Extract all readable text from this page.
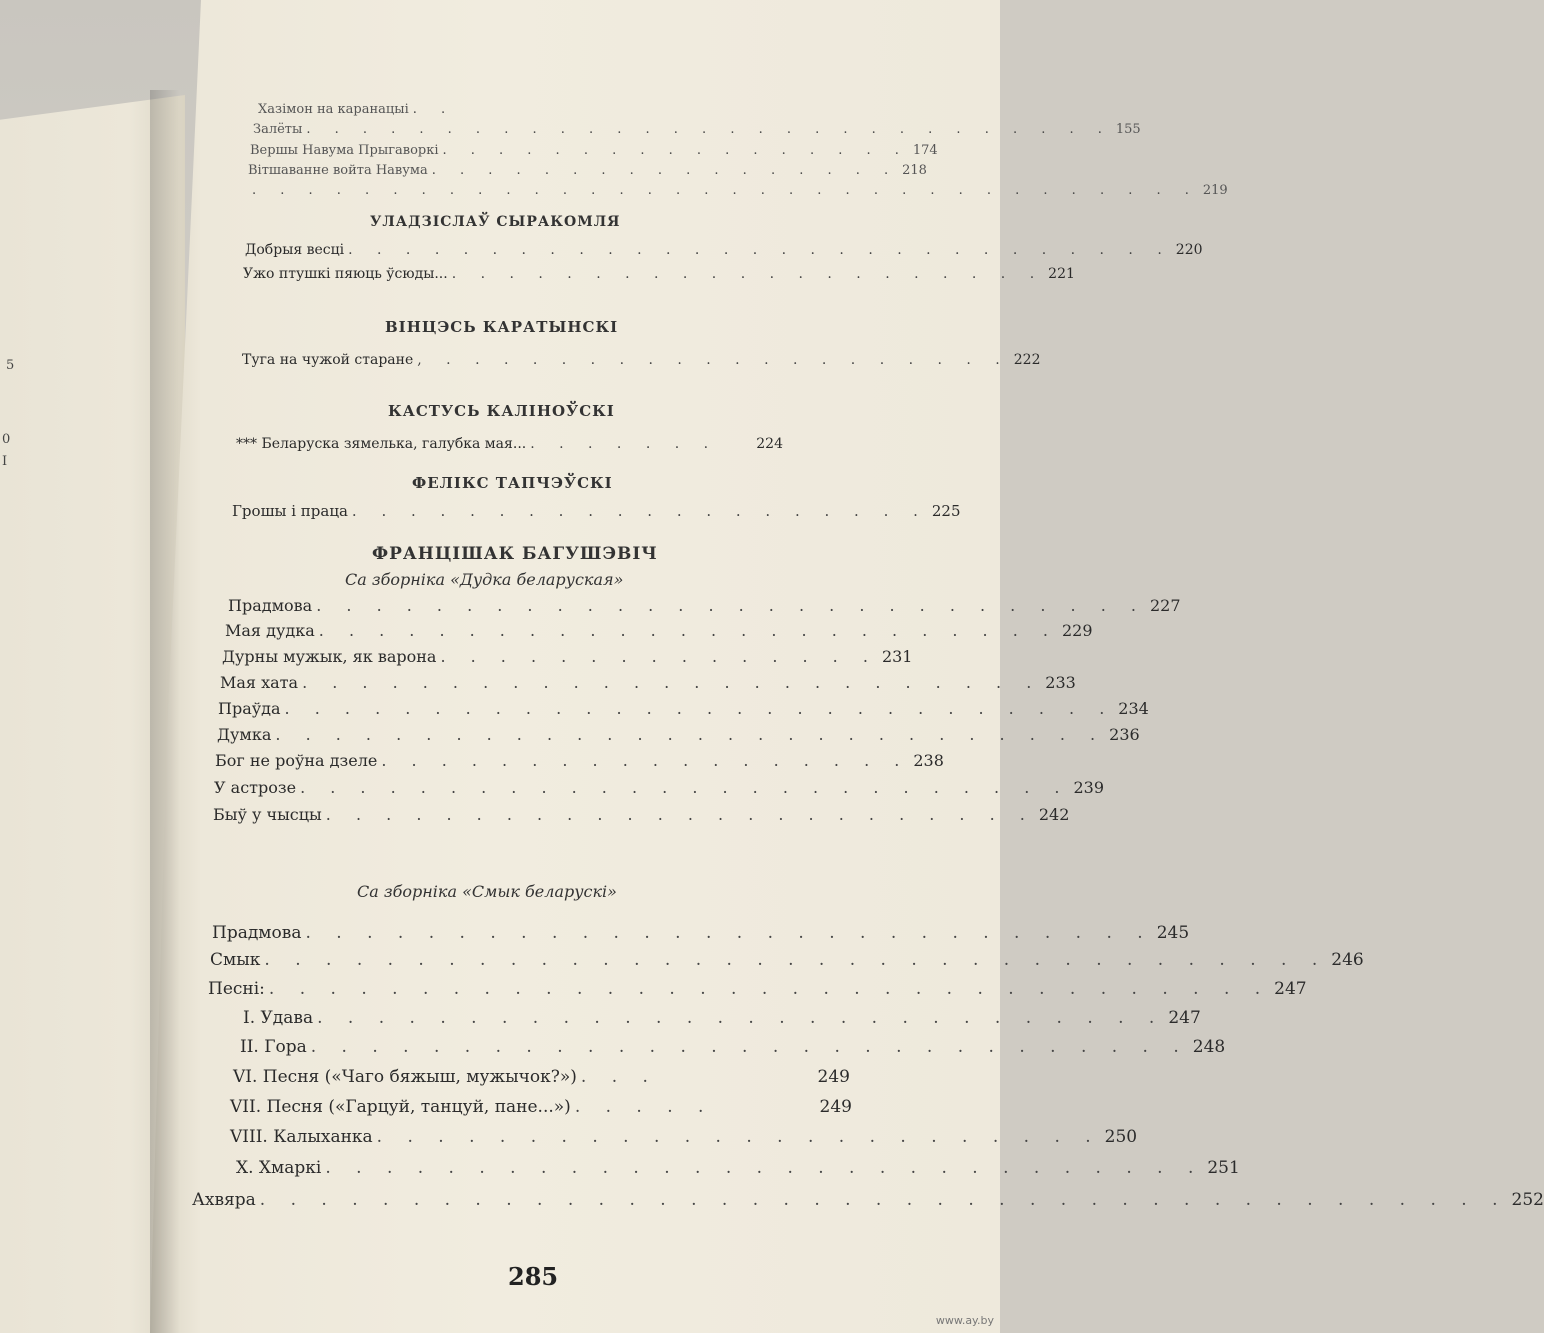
5
0
I
Хазімон на каранацыі . .
Залёты . . . . . . . . . . . . . . . . . . . . . . . . . . . . . 155
Вершы Навума Прыгаворкі . . . . . . . . . . . . . . . . . 174
Вітшаванне войта Навума . . . . . . . . . . . . . . . . . 218
. . . . . . . . . . . . . . . . . . . . . . . . . . . . . . . . . . 219
УЛАДЗІСЛАЎ СЫРАКОМЛЯ
Добрыя весці . . . . . . . . . . . . . . . . . . . . . . . . . . . . . 220
Ужо птушкі пяюць ўсюды... . . . . . . . . . . . . . . . . . . . . . 221
ВІНЦЭСЬ КАРАТЫНСКІ
Туга на чужой старане , . . . . . . . . . . . . . . . . . . . . 222
КАСТУСЬ КАЛІНОЎСКІ
*** Беларуска зямелька, галубка мая... . . . . . . .	224
ФЕЛІКС ТАПЧЭЎСКІ
Грошы і праца . . . . . . . . . . . . . . . . . . . . 225
ФРАНЦІШАК БАГУШЭВІЧ
Са зборніка «Дудка беларуская»
Прадмова . . . . . . . . . . . . . . . . . . . . . . . . . . . . 227
Мая дудка . . . . . . . . . . . . . . . . . . . . . . . . . 229
Дурны мужык, як варона . . . . . . . . . . . . . . . 231
Мая хата . . . . . . . . . . . . . . . . . . . . . . . . . 233
Праўда . . . . . . . . . . . . . . . . . . . . . . . . . . . . 234
Думка . . . . . . . . . . . . . . . . . . . . . . . . . . . . 236
Бог не роўна дзеле . . . . . . . . . . . . . . . . . . 238
У астрозе . . . . . . . . . . . . . . . . . . . . . . . . . . 239
Быў у чысцы . . . . . . . . . . . . . . . . . . . . . . . . 242
Са зборніка «Смык беларускі»
Прадмова . . . . . . . . . . . . . . . . . . . . . . . . . . . . 245
Смык . . . . . . . . . . . . . . . . . . . . . . . . . . . . . . . . . . . 246
Песні: . . . . . . . . . . . . . . . . . . . . . . . . . . . . . . . . . 247
I. Удава . . . . . . . . . . . . . . . . . . . . . . . . . . . . 247
II. Гора . . . . . . . . . . . . . . . . . . . . . . . . . . . . . 248
VI. Песня («Чаго бяжыш, мужычок?») . . .	249
VII. Песня («Гарцуй, танцуй, пане...») . . . . .	249
VIII. Калыханка . . . . . . . . . . . . . . . . . . . . . . . . 250
X. Хмаркі . . . . . . . . . . . . . . . . . . . . . . . . . . . . . 251
Ахвяра . . . . . . . . . . . . . . . . . . . . . . . . . . . . . . . . . . . . . . . . . 252
285
www.ay.by
